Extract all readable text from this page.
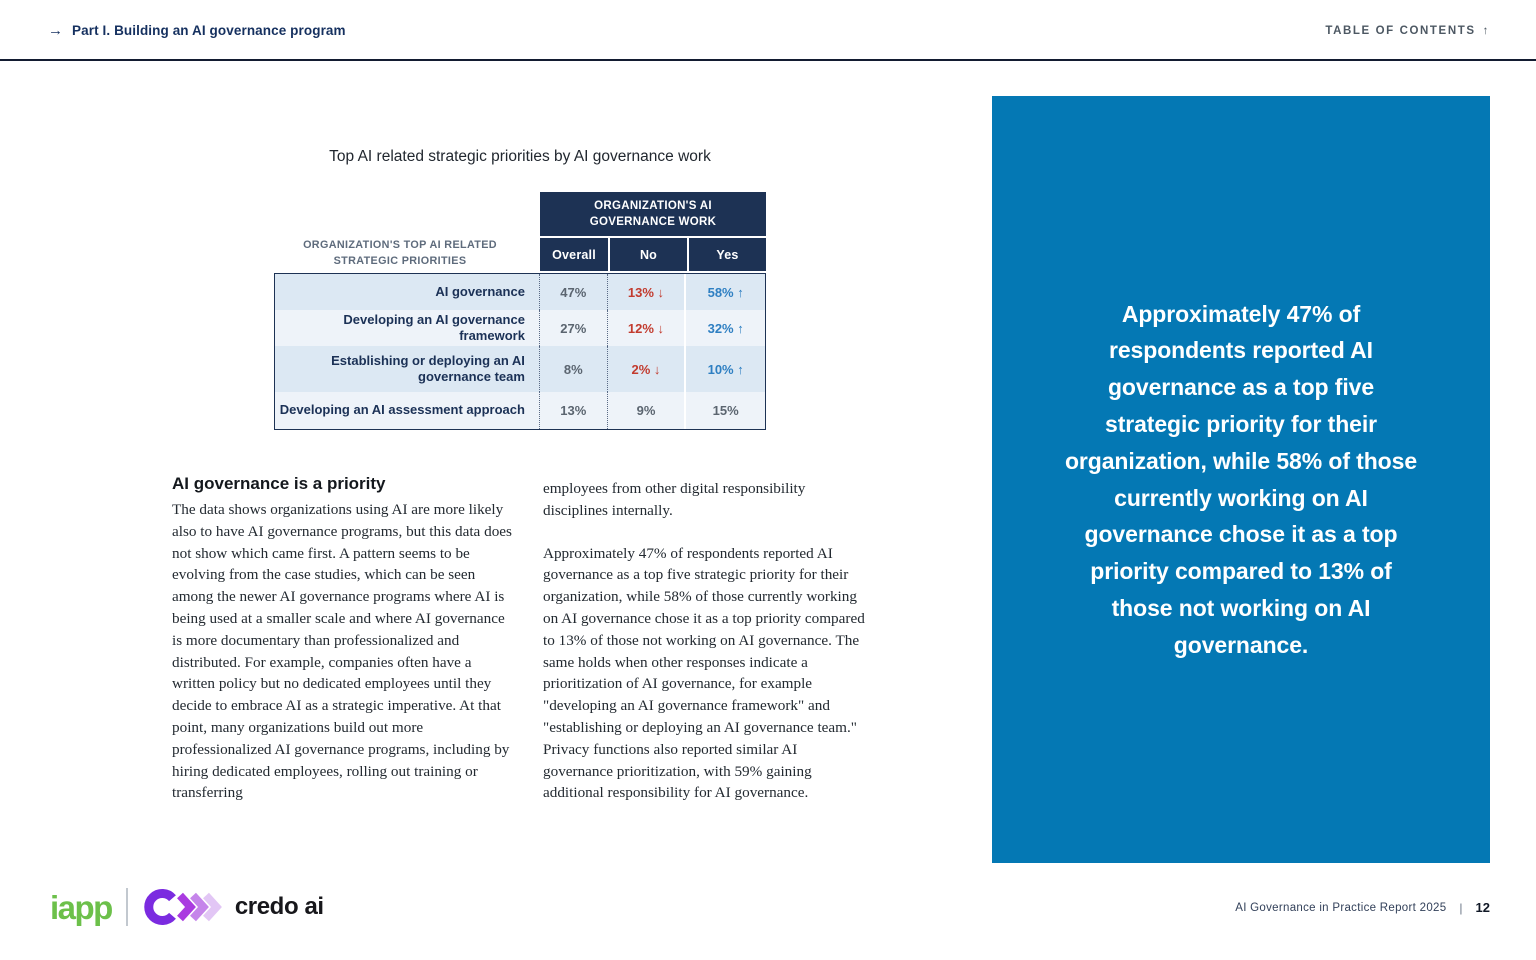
→ Part I. Building an AI governance program	TABLE OF CONTENTS ↑
Top AI related strategic priorities by AI governance work
ORGANIZATION'S AI GOVERNANCE WORK
Overall	No	Yes
ORGANIZATION'S TOP AI RELATED STRATEGIC PRIORITIES
AI governance	47%	13% ↓	58% ↑
Developing an AI governance framework	27%	12% ↓	32% ↑
Establishing or deploying an AI governance team	8%	2% ↓	10% ↑
Developing an AI assessment approach	13%	9%	15%
AI governance is a priority
The data shows organizations using AI are more likely also to have AI governance programs, but this data does not show which came first. A pattern seems to be evolving from the case studies, which can be seen among the newer AI governance programs where AI is being used at a smaller scale and where AI governance is more documentary than professionalized and distributed. For example, companies often have a written policy but no dedicated employees until they decide to embrace AI as a strategic imperative. At that point, many organizations build out more professionalized AI governance programs, including by hiring dedicated employees, rolling out training or transferring
employees from other digital responsibility disciplines internally.
Approximately 47% of respondents reported AI governance as a top five strategic priority for their organization, while 58% of those currently working on AI governance chose it as a top priority compared to 13% of those not working on AI governance. The same holds when other responses indicate a prioritization of AI governance, for example "developing an AI governance framework" and "establishing or deploying an AI governance team." Privacy functions also reported similar AI governance prioritization, with 59% gaining additional responsibility for AI governance.
Approximately 47% of respondents reported AI governance as a top five strategic priority for their organization, while 58% of those currently working on AI governance chose it as a top priority compared to 13% of those not working on AI governance.
iapp	credo ai	AI Governance in Practice Report 2025 | 12
